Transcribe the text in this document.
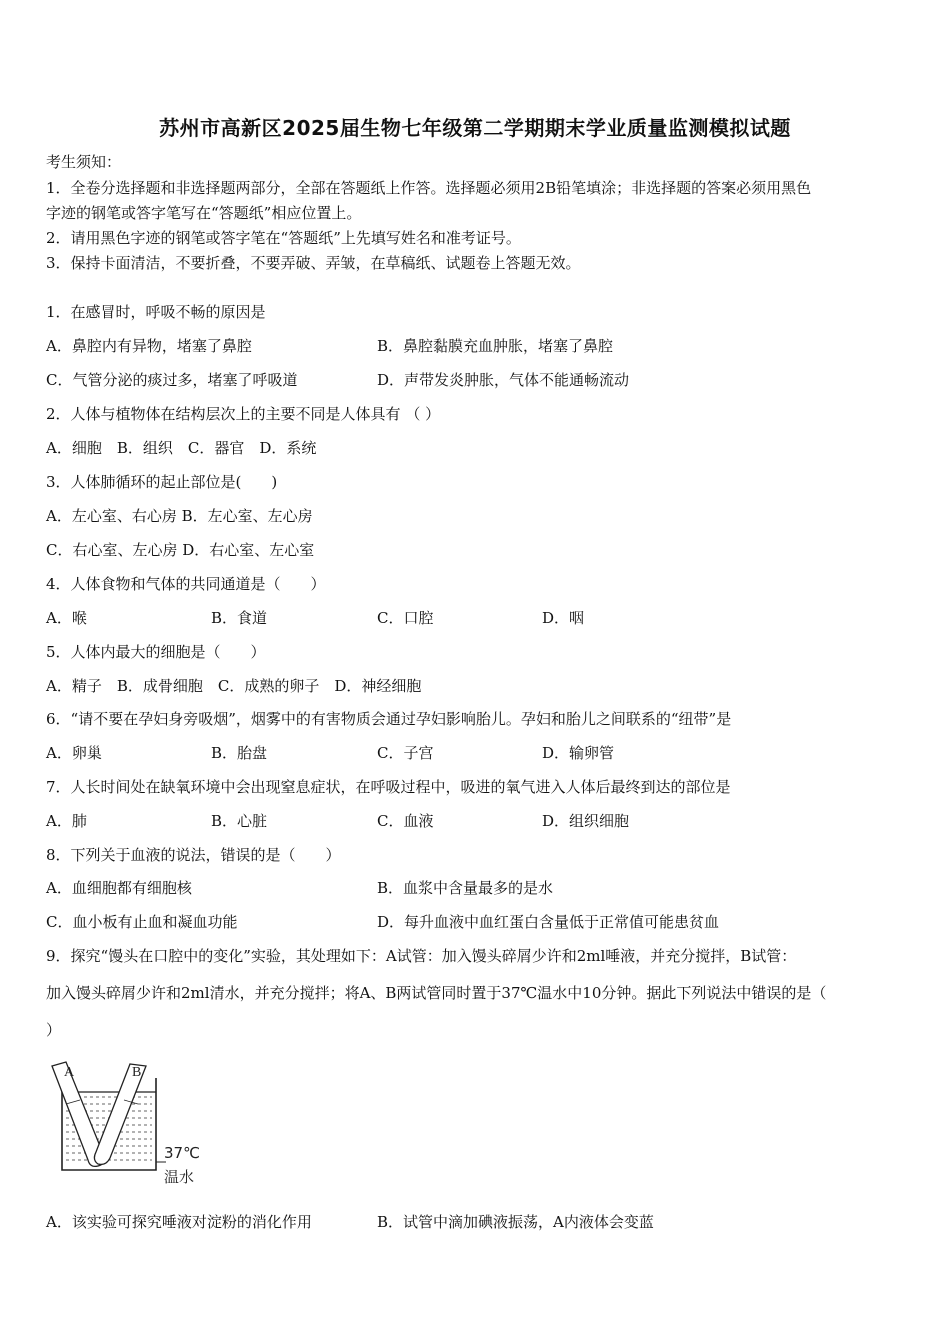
苏州市高新区2025届生物七年级第二学期期末学业质量监测模拟试题
考生须知：
1．全卷分选择题和非选择题两部分，全部在答题纸上作答。选择题必须用2B铅笔填涂；非选择题的答案必须用黑色
字迹的钢笔或答字笔写在“答题纸”相应位置上。
2．请用黑色字迹的钢笔或答字笔在“答题纸”上先填写姓名和准考证号。
3．保持卡面清洁，不要折叠，不要弄破、弄皱，在草稿纸、试题卷上答题无效。
1．在感冒时，呼吸不畅的原因是
A．鼻腔内有异物，堵塞了鼻腔	B．鼻腔黏膜充血肿胀，堵塞了鼻腔
C．气管分泌的痰过多，堵塞了呼吸道	D．声带发炎肿胀，气体不能通畅流动
2．人体与植物体在结构层次上的主要不同是人体具有 （ ）
A．细胞　B．组织　C．器官　D．系统
3．人体肺循环的起止部位是(　　)
A．左心室、右心房 B．左心室、左心房
C．右心室、左心房 D．右心室、左心室
4．人体食物和气体的共同通道是（　　）
A．喉	B．食道	C．口腔	D．咽
5．人体内最大的细胞是（　　）
A．精子　B．成骨细胞　C．成熟的卵子　D．神经细胞
6．“请不要在孕妇身旁吸烟”，烟雾中的有害物质会通过孕妇影响胎儿。孕妇和胎儿之间联系的“纽带”是
A．卵巢	B．胎盘	C．子宫	D．输卵管
7．人长时间处在缺氧环境中会出现窒息症状，在呼吸过程中，吸进的氧气进入人体后最终到达的部位是
A．肺	B．心脏	C．血液	D．组织细胞
8．下列关于血液的说法，错误的是（　　）
A．血细胞都有细胞核	B．血浆中含量最多的是水
C．血小板有止血和凝血功能	D．每升血液中血红蛋白含量低于正常值可能患贫血
9．探究“馒头在口腔中的变化”实验，其处理如下：A试管：加入馒头碎屑少许和2ml唾液，并充分搅拌，B试管：
加入馒头碎屑少许和2ml清水，并充分搅拌；将A、B两试管同时置于37℃温水中10分钟。据此下列说法中错误的是（
）
A	B
37℃
温水
A．该实验可探究唾液对淀粉的消化作用	B．试管中滴加碘液振荡，A内液体会变蓝
